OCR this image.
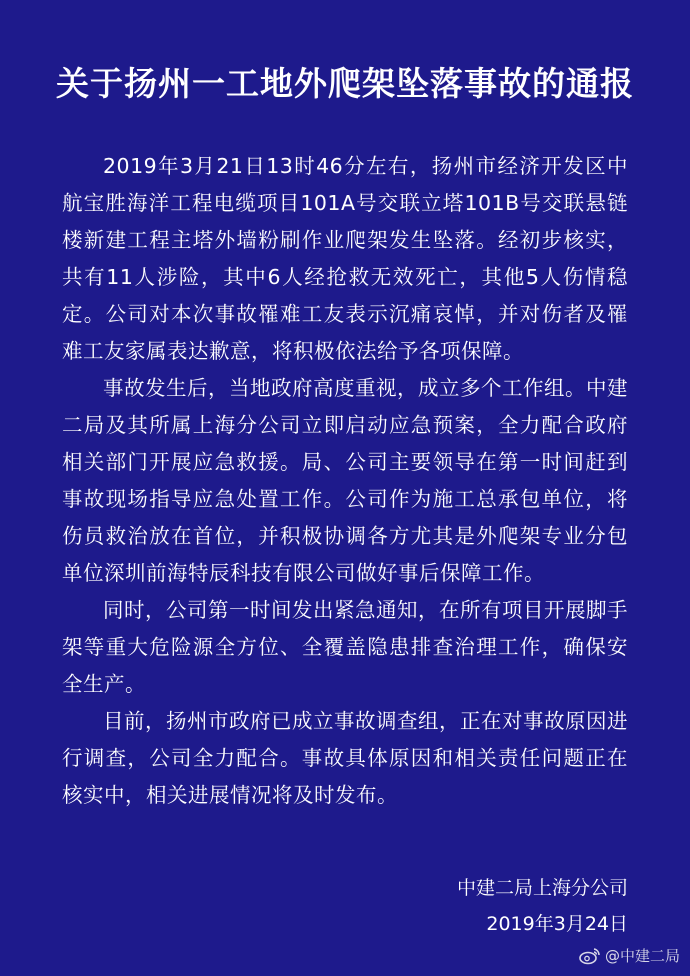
关于扬州一工地外爬架坠落事故的通报

2019年3月21日13时46分左右，扬州市经济开发区中航宝胜海洋工程电缆项目101A号交联立塔101B号交联悬链楼新建工程主塔外墙粉刷作业爬架发生坠落。经初步核实，共有11人涉险，其中6人经抢救无效死亡，其他5人伤情稳定。公司对本次事故罹难工友表示沉痛哀悼，并对伤者及罹难工友家属表达歉意，将积极依法给予各项保障。

事故发生后，当地政府高度重视，成立多个工作组。中建二局及其所属上海分公司立即启动应急预案，全力配合政府相关部门开展应急救援。局、公司主要领导在第一时间赶到事故现场指导应急处置工作。公司作为施工总承包单位，将伤员救治放在首位，并积极协调各方尤其是外爬架专业分包单位深圳前海特辰科技有限公司做好事后保障工作。

同时，公司第一时间发出紧急通知，在所有项目开展脚手架等重大危险源全方位、全覆盖隐患排查治理工作，确保安全生产。

目前，扬州市政府已成立事故调查组，正在对事故原因进行调查，公司全力配合。事故具体原因和相关责任问题正在核实中，相关进展情况将及时发布。

中建二局上海分公司
2019年3月24日
@中建二局
